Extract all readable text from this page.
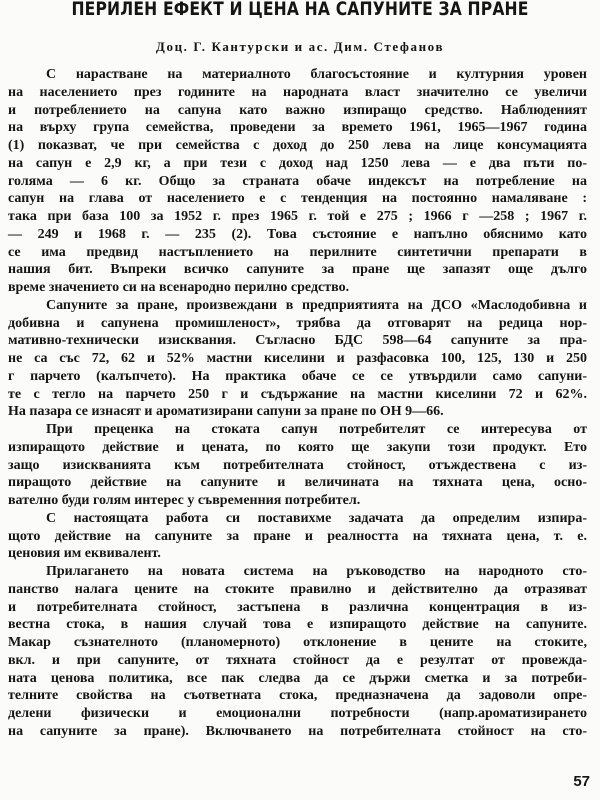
ПЕРИЛЕН ЕФЕКТ И ЦЕНА НА САПУНИТЕ ЗА ПРАНЕ
Доц. Г. Кантурски и ас. Дим. Стефанов
С нарастване на материалното благосъстояние и културния уровен
на населението през годините на народната власт значително се увеличи
и потреблението на сапуна като важно изпиращо средство. Наблюденият
на върху група семейства, проведени за времето 1961, 1965—1967 година
(1) показват, че при семейства с доход до 250 лева на лице консумацията
на сапун е 2,9 кг, а при тези с доход над 1250 лева — е два пъти по-
голяма — 6 кг. Общо за страната обаче индексът на потребление на
сапун на глава от населението е с тенденция на постоянно намаляване :
така при база 100 за 1952 г. през 1965 г. той е 275 ; 1966 г —258 ; 1967 г.
— 249 и 1968 г. — 235 (2). Това състояние е напълно обяснимо като
се има предвид настъплението на перилните синтетични препарати в
нашия бит. Въпреки всичко сапуните за пране ще запазят още дълго
време значението си на всенародно перилно средство.
Сапуните за пране, произвеждани в предприятията на ДСО «Маслодобивна и
добивна и сапунена промишленост», трябва да отговарят на редица нор-
мативно-технически изисквания. Съгласно БДС 598—64 сапуните за пра-
не са със 72, 62 и 52% мастни киселини и разфасовка 100, 125, 130 и 250
г парчето (калъпчето). На практика обаче се се утвърдили само сапуни-
те с тегло на парчето 250 г и съдържание на мастни киселини 72 и 62%.
На пазара се изнасят и ароматизирани сапуни за пране по ОН 9—66.
При преценка на стоката сапун потребителят се интересува от
изпиращото действие и цената, по която ще закупи този продукт. Ето
защо изискванията към потребителната стойност, отъждествена с из-
пиращото действие на сапуните и величината на тяхната цена, осно-
вателно буди голям интерес у съвременния потребител.
С настоящата работа си поставихме задачата да определим изпира-
щото действие на сапуните за пране и реалността на тяхната цена, т. е.
ценовия им еквивалент.
Прилагането на новата система на ръководство на народното сто-
панство налага цените на стоките правилно и действително да отразяват
и потребителната стойност, застъпена в различна концентрация в из-
вестна стока, в нашия случай това е изпиращото действие на сапуните.
Макар съзнателното (планомерното) отклонение в цените на стоките,
вкл. и при сапуните, от тяхната стойност да е резултат от провежда-
ната ценова политика, все пак следва да се държи сметка и за потреби-
телните свойства на съответната стока, предназначена да задоволи опре-
делени физически и емоционални потребности (напр.ароматизирането
на сапуните за пране). Включването на потребителната стойност на сто-
57
